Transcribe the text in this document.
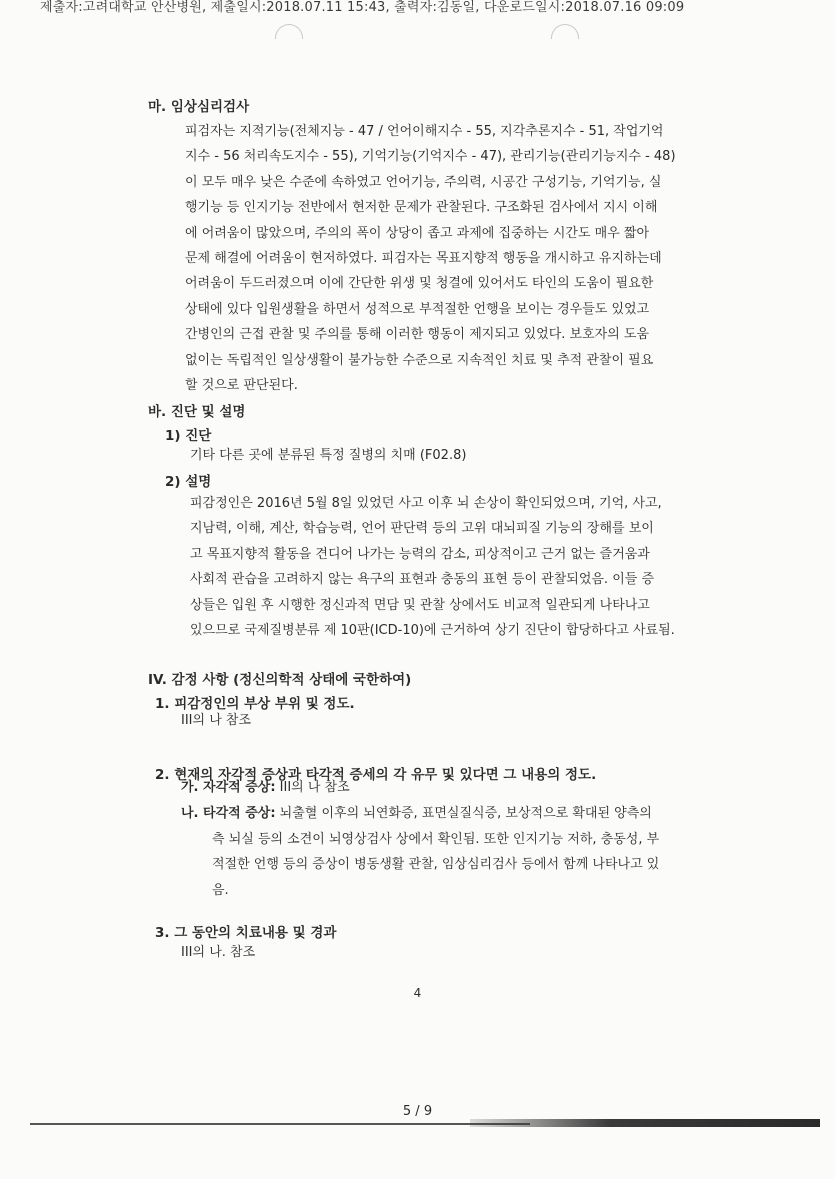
제출자:고려대학교 안산병원, 제출일시:2018.07.11 15:43, 출력자:김동일, 다운로드일시:2018.07.16 09:09
마. 임상심리검사
피검자는 지적기능(전체지능 - 47 / 언어이해지수 - 55, 지각추론지수 - 51, 작업기억
지수 - 56 처리속도지수 - 55), 기억기능(기억지수 - 47), 관리기능(관리기능지수 - 48)
이 모두 매우 낮은 수준에 속하였고 언어기능, 주의력, 시공간 구성기능, 기억기능, 실
행기능 등 인지기능 전반에서 현저한 문제가 관찰된다. 구조화된 검사에서 지시 이해
에 어려움이 많았으며, 주의의 폭이 상당이 좁고 과제에 집중하는 시간도 매우 짧아
문제 해결에 어려움이 현저하였다. 피검자는 목표지향적 행동을 개시하고 유지하는데
어려움이 두드러졌으며 이에 간단한 위생 및 청결에 있어서도 타인의 도움이 필요한
상태에 있다 입원생활을 하면서 성적으로 부적절한 언행을 보이는 경우들도 있었고
간병인의 근접 관찰 및 주의를 통해 이러한 행동이 제지되고 있었다. 보호자의 도움
없이는 독립적인 일상생활이 불가능한 수준으로 지속적인 치료 및 추적 관찰이 필요
할 것으로 판단된다.
바. 진단 및 설명
1) 진단
기타 다른 곳에 분류된 특정 질병의 치매 (F02.8)
2) 설명
피감정인은 2016년 5월 8일 있었던 사고 이후 뇌 손상이 확인되었으며, 기억, 사고,
지남력, 이해, 계산, 학습능력, 언어 판단력 등의 고위 대뇌피질 기능의 장해를 보이
고 목표지향적 활동을 견디어 나가는 능력의 감소, 피상적이고 근거 없는 즐거움과
사회적 관습을 고려하지 않는 욕구의 표현과 충동의 표현 등이 관찰되었음. 이들 증
상들은 입원 후 시행한 정신과적 면담 및 관찰 상에서도 비교적 일관되게 나타나고
있으므로 국제질병분류 제 10판(ICD-10)에 근거하여 상기 진단이 합당하다고 사료됨.
IV. 감정 사항 (정신의학적 상태에 국한하여)
1. 피감정인의 부상 부위 및 정도.
III의 나 참조
2. 현재의 자각적 증상과 타각적 증세의 각 유무 및 있다면 그 내용의 정도.
가. 자각적 증상: III의 나 참조
나. 타각적 증상: 뇌출혈 이후의 뇌연화증, 표면실질식증, 보상적으로 확대된 양측의
측 뇌실 등의 소견이 뇌영상검사 상에서 확인됨. 또한 인지기능 저하, 충동성, 부
적절한 언행 등의 증상이 병동생활 관찰, 임상심리검사 등에서 함께 나타나고 있
음.
3. 그 동안의 치료내용 및 경과
III의 나. 참조
4
5 / 9
